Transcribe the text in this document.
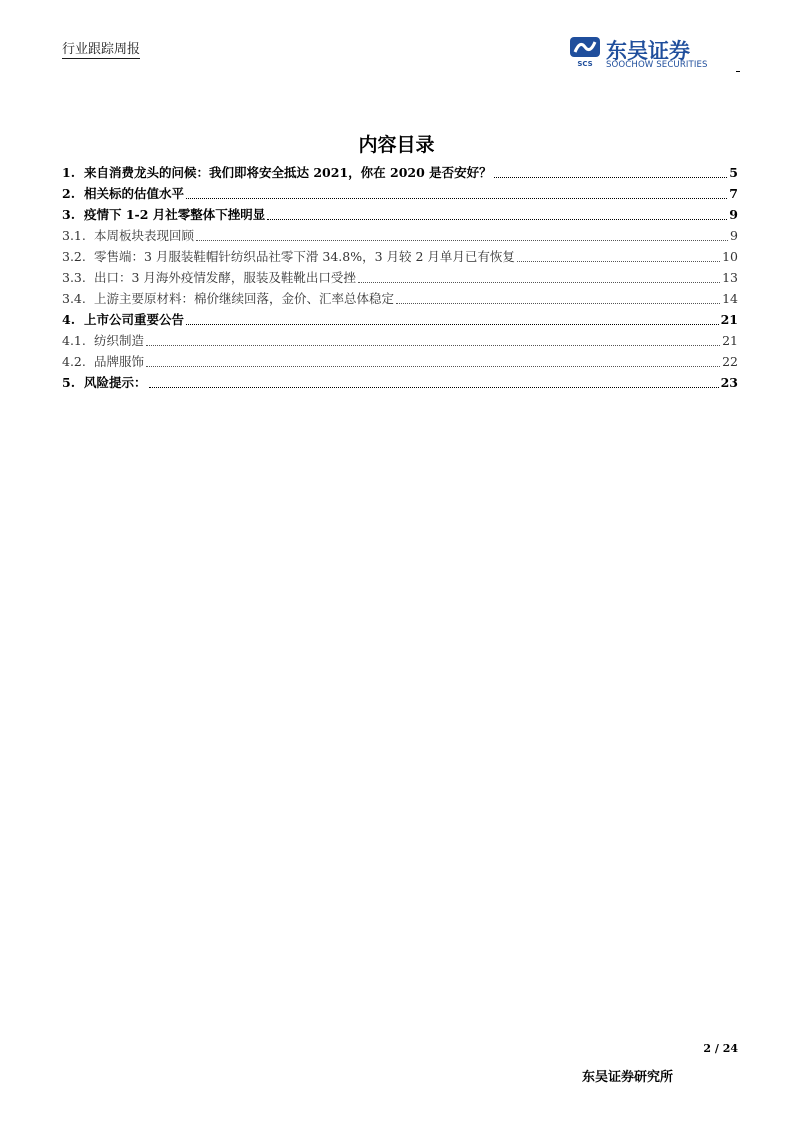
行业跟踪周报
SCS
东吴证券
SOOCHOW SECURITIES
内容目录
1. 来自消费龙头的问候：我们即将安全抵达 2021，你在 2020 是否安好？	5
2. 相关标的估值水平	7
3. 疫情下 1-2 月社零整体下挫明显	9
3.1. 本周板块表现回顾	9
3.2. 零售端：3 月服装鞋帽针纺织品社零下滑 34.8%，3 月较 2 月单月已有恢复	10
3.3. 出口：3 月海外疫情发酵，服装及鞋靴出口受挫	13
3.4. 上游主要原材料：棉价继续回落，金价、汇率总体稳定	14
4. 上市公司重要公告	21
4.1. 纺织制造	21
4.2. 品牌服饰	22
5. 风险提示：	23
2 / 24
东吴证券研究所
